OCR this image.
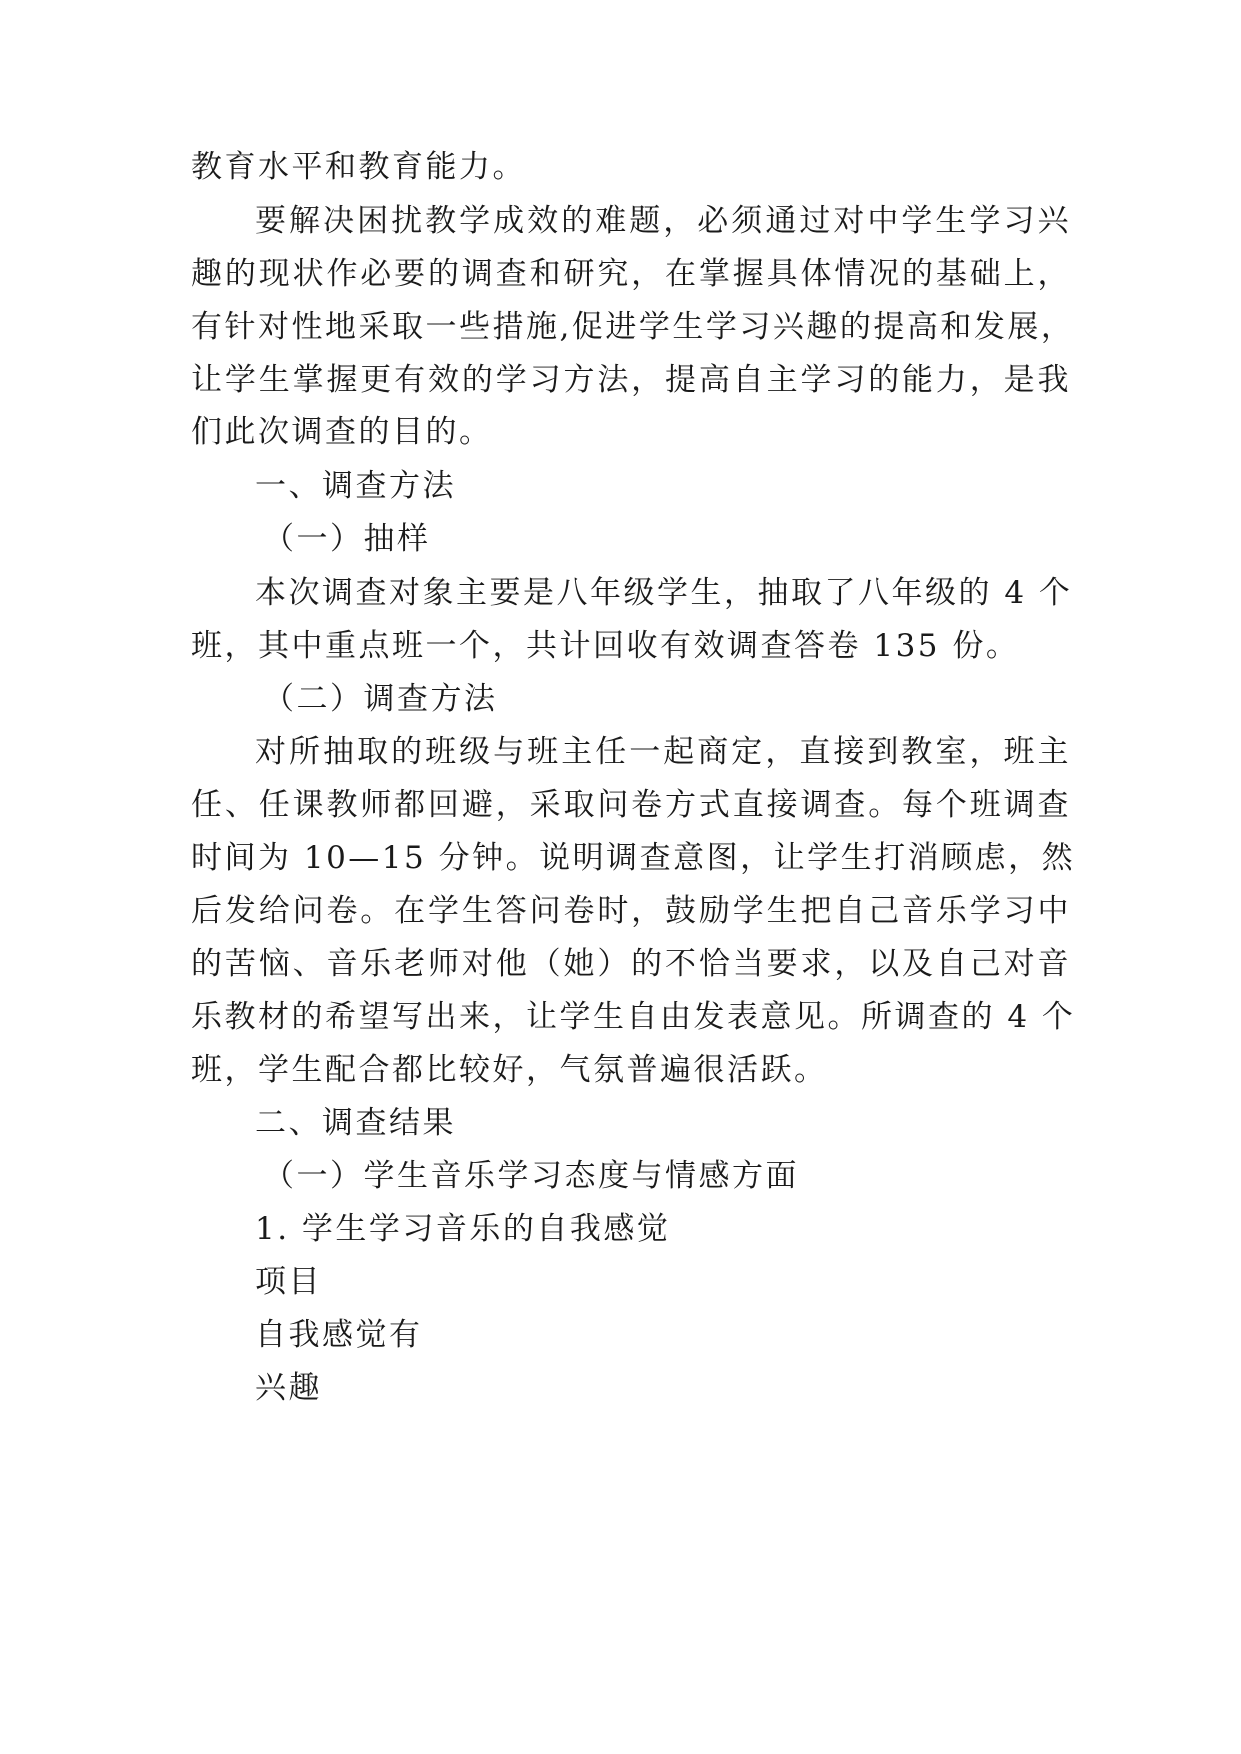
教育水平和教育能力。

要解决困扰教学成效的难题，必须通过对中学生学习兴

趣的现状作必要的调查和研究，在掌握具体情况的基础上，

有针对性地采取一些措施,促进学生学习兴趣的提高和发展，

让学生掌握更有效的学习方法，提高自主学习的能力，是我

们此次调查的目的。

一、调查方法

（一）抽样

本次调查对象主要是八年级学生，抽取了八年级的 4 个

班，其中重点班一个，共计回收有效调查答卷 135 份。

（二）调查方法

对所抽取的班级与班主任一起商定，直接到教室，班主

任、任课教师都回避，采取问卷方式直接调查。每个班调查

时间为 10—15 分钟。说明调查意图，让学生打消顾虑，然

后发给问卷。在学生答问卷时，鼓励学生把自己音乐学习中

的苦恼、音乐老师对他（她）的不恰当要求，以及自己对音

乐教材的希望写出来，让学生自由发表意见。所调查的 4 个

班，学生配合都比较好，气氛普遍很活跃。

二、调查结果

（一）学生音乐学习态度与情感方面

1. 学生学习音乐的自我感觉

项目

自我感觉有

兴趣
